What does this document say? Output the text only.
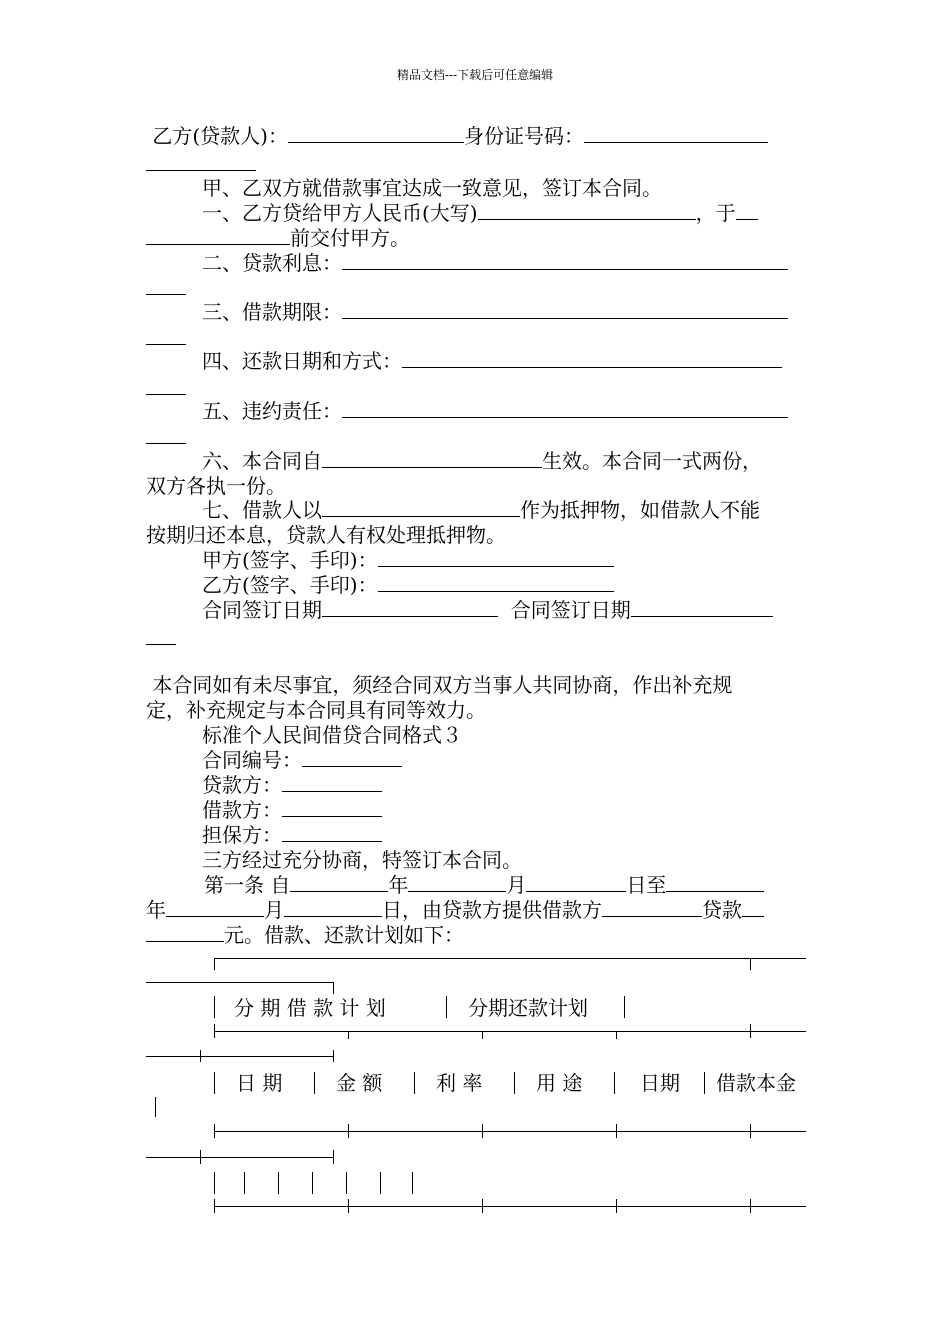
精品文档---下载后可任意编辑
乙方(贷款人)：	身份证号码：
甲、乙双方就借款事宜达成一致意见，签订本合同。
一、乙方贷给甲方人民币(大写)	，于
前交付甲方。
二、贷款利息：
三、借款期限：
四、还款日期和方式：
五、违约责任：
六、本合同自	生效。本合同一式两份，
双方各执一份。
七、借款人以	作为抵押物，如借款人不能
按期归还本息，贷款人有权处理抵押物。
甲方(签字、手印)：
乙方(签字、手印)：
合同签订日期	合同签订日期
本合同如有未尽事宜，须经合同双方当事人共同协商，作出补充规
定，补充规定与本合同具有同等效力。
标准个人民间借贷合同格式３
合同编号：
贷款方：
借款方：
担保方：
三方经过充分协商，特签订本合同。
第一条 自	年	月	日至
年	月	日，由贷款方提供借款方	贷款
元。借款、还款计划如下：
分 期 借 款 计 划	分期还款计划
日 期	金 额	利 率	用 途	日期 借款本金
